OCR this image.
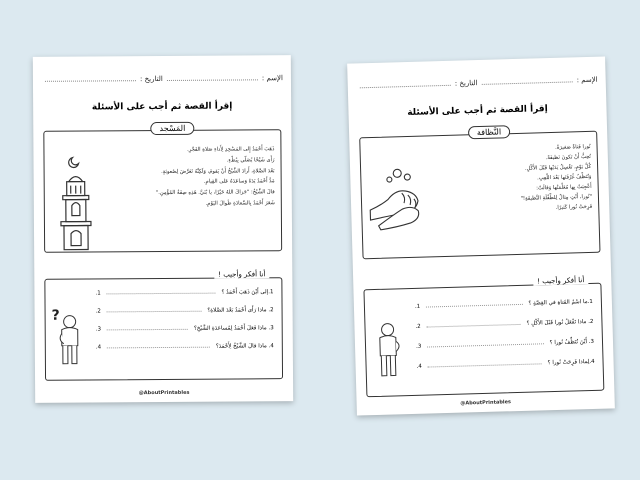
الإسم :
التاريخ :
إقرأ القصة ثم أجب على الأسئلة
المَسْجد
ذَهَبَ أَحْمَدُ إِلى المَسْجِدِ لِأَداءِ صَلاةِ الفَجْرِ.
رَأَى شَيْخًا يُصَلّي بِبُطْءٍ.
بَعْدَ الصَّلاةِ، أَرادَ الشَّيْخُ أَنْ يَقومَ، وَلَكِنَّهُ تَعَرَّضَ لِصُعوبَةٍ.
مَدَّ أَحْمَدُ يَدَهُ وَساعَدَهُ عَلى القِيامِ.
قالَ الشَّيْخُ: "جَزاكَ اللهُ خَيْرًا، يا بُنَيَّ. هَذِهِ صِفَةُ المُؤْمِنِ."
شَعَرَ أَحْمَدُ بِالسَّعادَةِ طَوالَ اليَوْمِ.
أنا أفكر وأجيب !
1.إلى أَيْنَ ذَهَبَ أَحْمَدُ ؟
1.
2. ماذا رَأَى أَحْمَدُ بَعْدَ الصَّلاةِ؟
2.
3. ماذا فَعَلَ أَحْمَدُ لِمُساعَدَةِ الشَّيْخِ؟
3.
4. ماذا قالَ الشَّيْخُ لِأَحْمَدَ؟
4.
?
@AboutPrintables
الإسم :
التاريخ :
إقرأ القصة ثم أجب على الأسئلة
النَّظافة
نُورا فَتاةٌ صَغيرَةٌ.
تُحِبُّ أَنْ تَكونَ نَظيفَةً.
كُلَّ يَوْمٍ، تَغْسِلُ يَدَيْها قَبْلَ الأَكْلِ.
وَتُنَظِّفُ غُرْفَتَها بَعْدَ اللَّعِبِ.
أُعْجِبَتْ بِها مُعَلِّمَتُها وَقالَتْ:
"نُورا، أَنْتِ مِثالٌ لِلطِّفْلَةِ النَّظيفَةِ!"
فَرِحَتْ نُورا كَثيرًا.
أنا أفكر وأجيب !
1.ما اسْمُ الفَتاةِ في القِصَّةِ ؟
1.
2. ماذا تَفْعَلُ نُورا قَبْلَ الأَكْلِ ؟
2.
3. أَيْنَ تُنَظِّفُ نُورا ؟
3.
4.لِماذا فَرِحَتْ نُورا ؟
4.
@AboutPrintables
